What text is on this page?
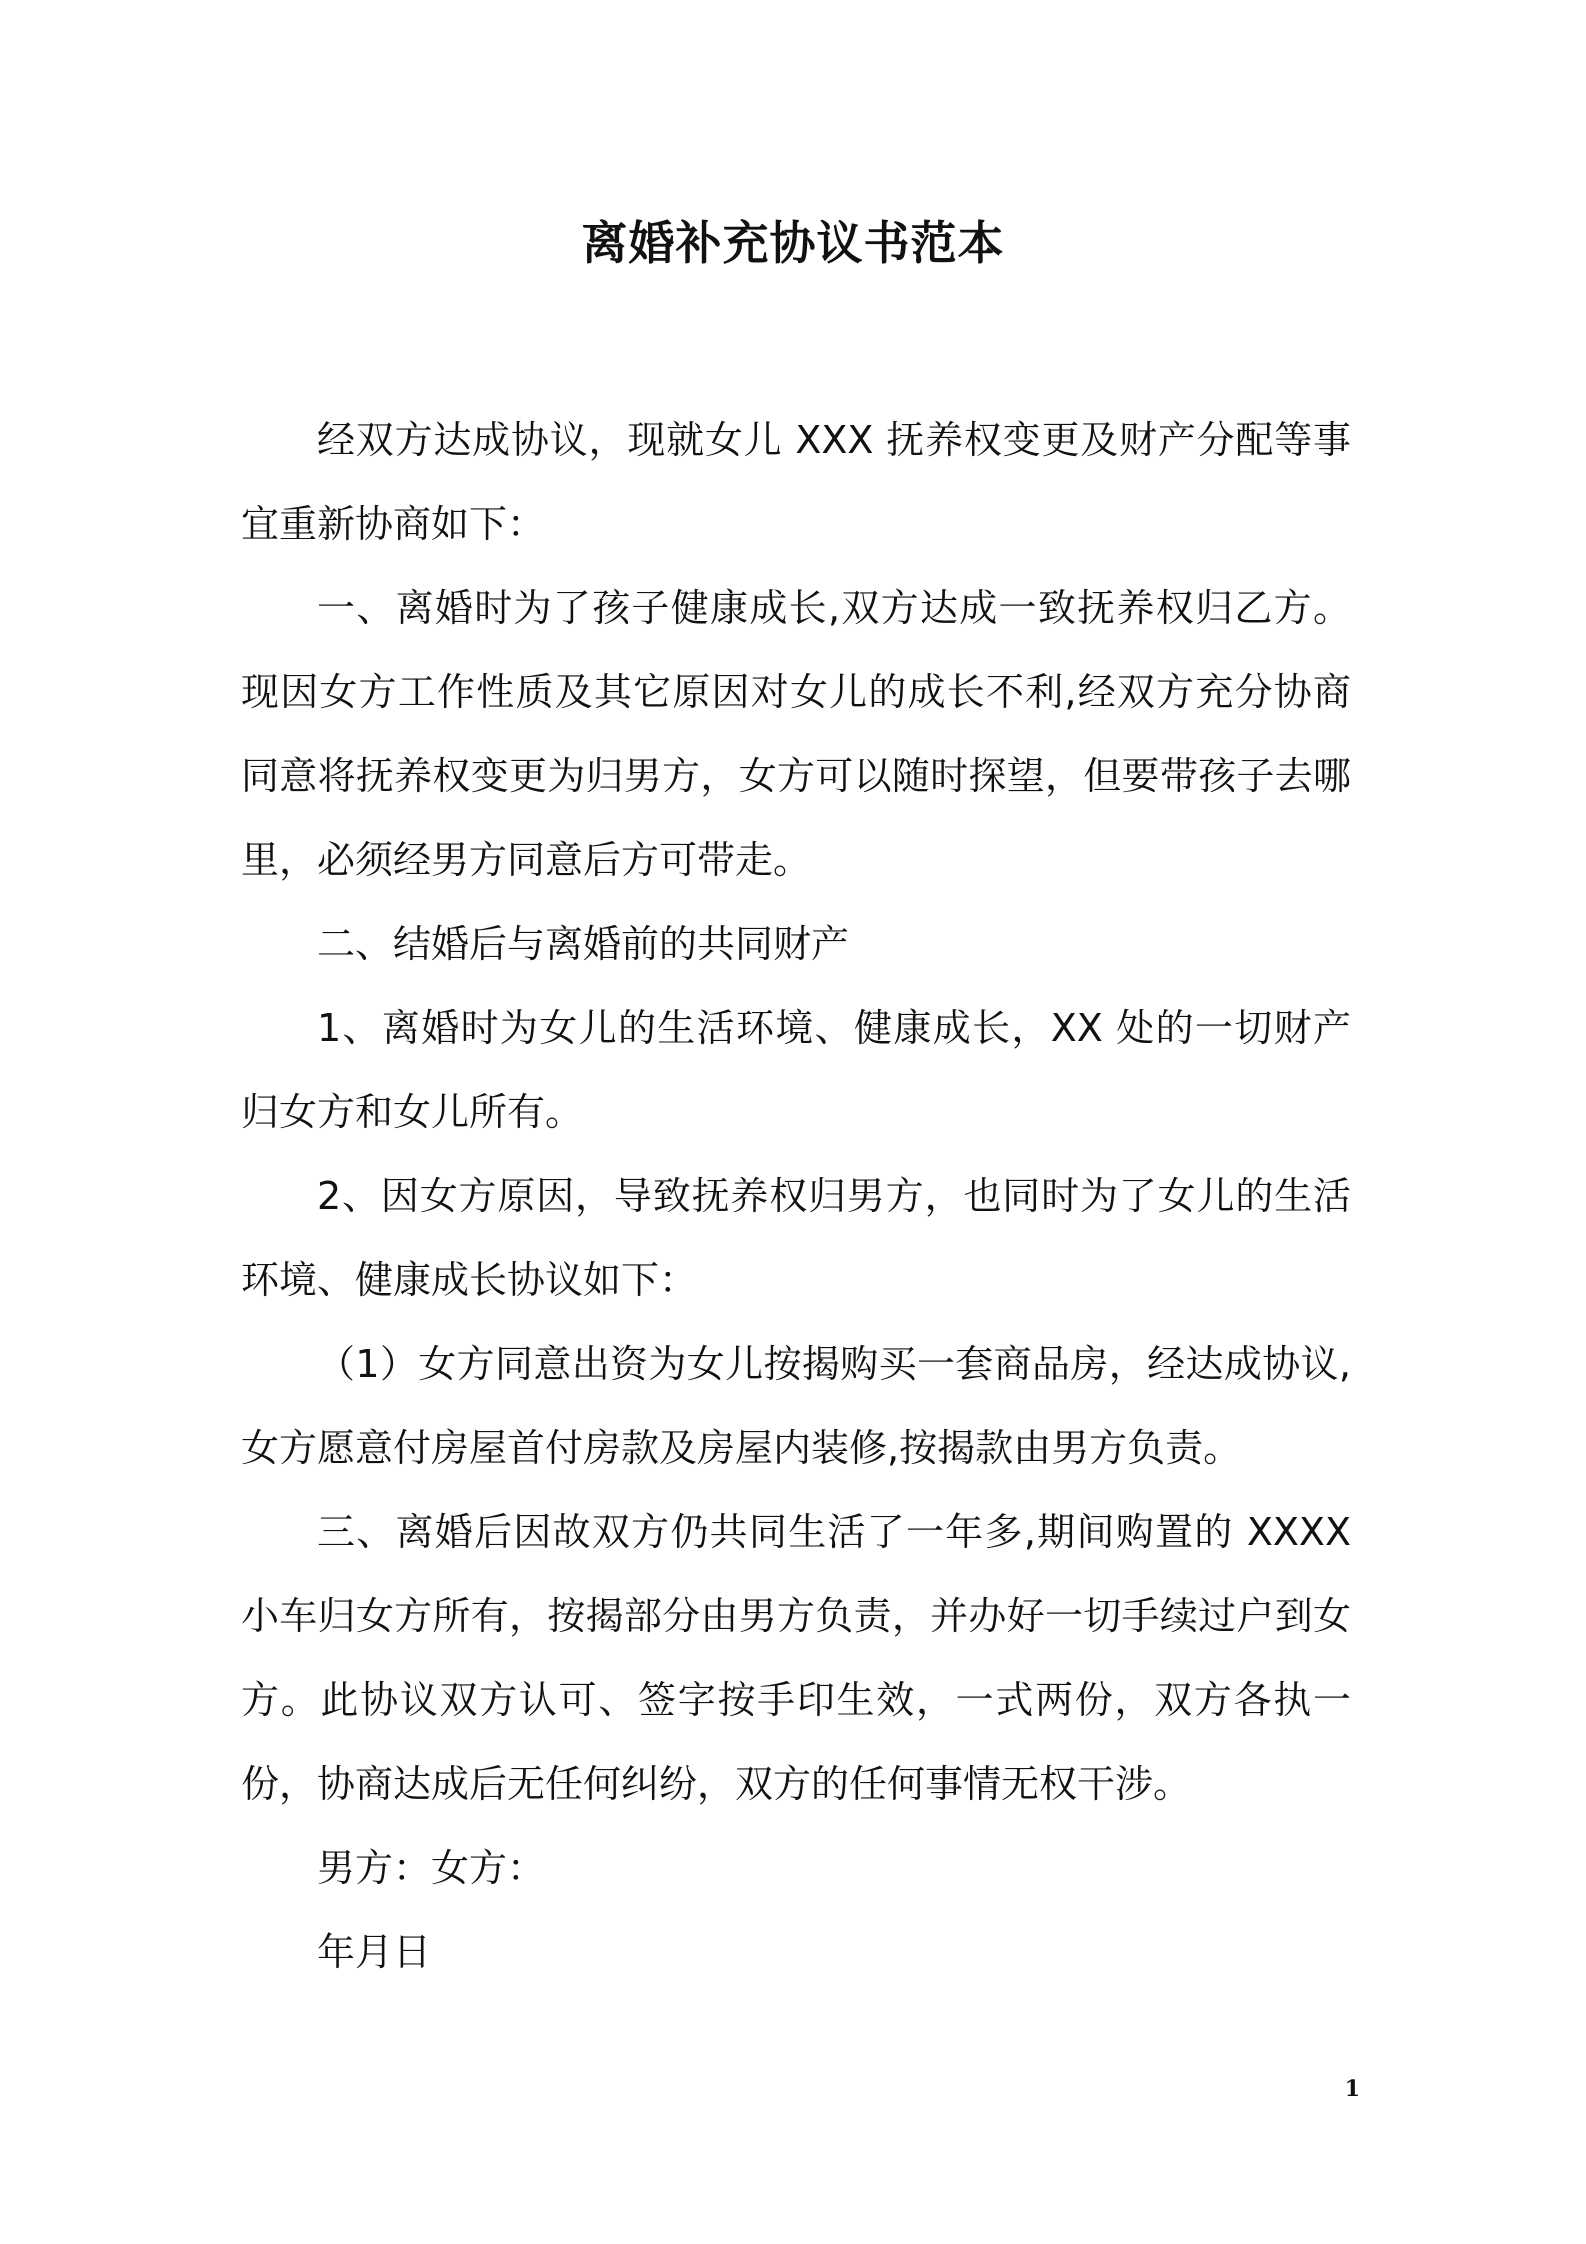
离婚补充协议书范本

经双方达成协议，现就女儿 XXX 抚养权变更及财产分配等事宜重新协商如下：

一、离婚时为了孩子健康成长,双方达成一致抚养权归乙方。现因女方工作性质及其它原因对女儿的成长不利,经双方充分协商同意将抚养权变更为归男方，女方可以随时探望，但要带孩子去哪里，必须经男方同意后方可带走。

二、结婚后与离婚前的共同财产

1、离婚时为女儿的生活环境、健康成长，XX 处的一切财产归女方和女儿所有。

2、因女方原因，导致抚养权归男方，也同时为了女儿的生活环境、健康成长协议如下：

（1）女方同意出资为女儿按揭购买一套商品房，经达成协议,女方愿意付房屋首付房款及房屋内装修,按揭款由男方负责。

三、离婚后因故双方仍共同生活了一年多,期间购置的 XXXX 小车归女方所有，按揭部分由男方负责，并办好一切手续过户到女方。此协议双方认可、签字按手印生效，一式两份，双方各执一份，协商达成后无任何纠纷，双方的任何事情无权干涉。

男方：女方：

年月日

1
